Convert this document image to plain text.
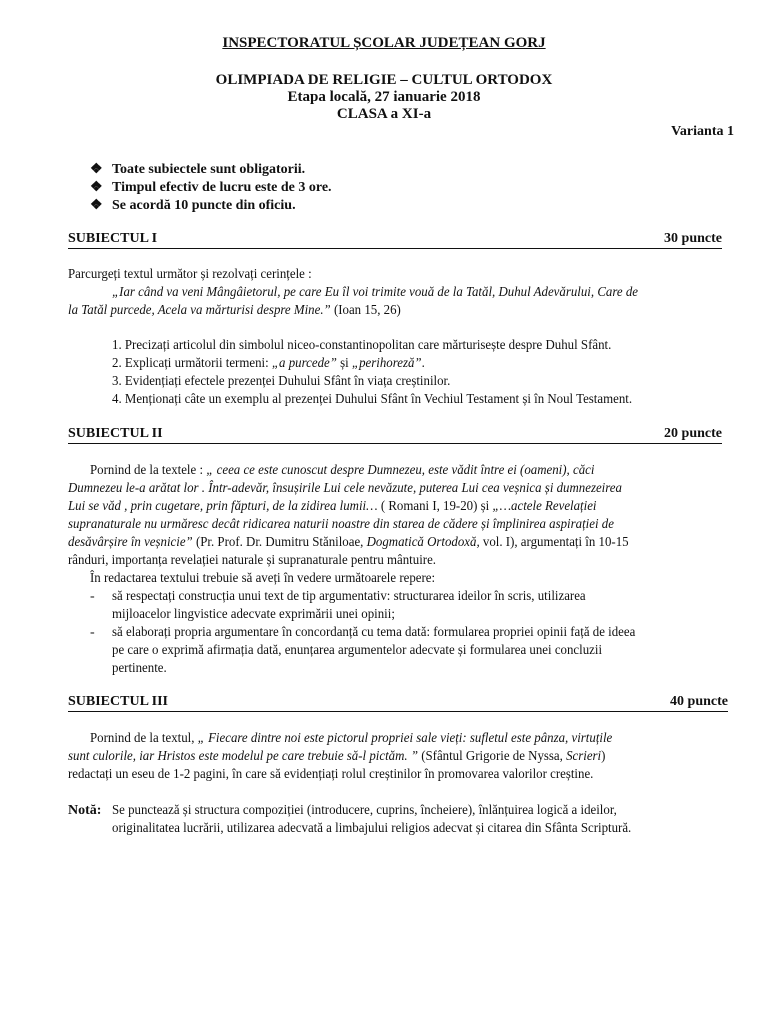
INSPECTORATUL ȘCOLAR JUDEȚEAN GORJ
OLIMPIADA DE RELIGIE – CULTUL ORTODOX
Etapa locală, 27 ianuarie 2018
CLASA a XI-a
Varianta 1
❖ Toate subiectele sunt obligatorii.
❖ Timpul efectiv de lucru este de 3 ore.
❖ Se acordă 10 puncte din oficiu.
SUBIECTUL I	30 puncte
Parcurgeți textul următor și rezolvați cerințele :
„Iar când va veni Mângâietorul, pe care Eu îl voi trimite vouă de la Tatăl, Duhul Adevărului, Care de
la Tatăl purcede, Acela va mărturisi despre Mine.” (Ioan 15, 26)
1. Precizați articolul din simbolul niceo-constantinopolitan care mărturisește despre Duhul Sfânt.
2. Explicați următorii termeni: „a purcede” și „perihoreză”.
3. Evidențiați efectele prezenței Duhului Sfânt în viața creștinilor.
4. Menționați câte un exemplu al prezenței Duhului Sfânt în Vechiul Testament și în Noul Testament.
SUBIECTUL II	20 puncte
Pornind de la textele : „ ceea ce este cunoscut despre Dumnezeu, este vădit între ei (oameni), căci
Dumnezeu le-a arătat lor . Într-adevăr, însușirile Lui cele nevăzute, puterea Lui cea veșnica și dumnezeirea
Lui se văd , prin cugetare, prin făpturi, de la zidirea lumii… ( Romani I, 19-20) și „…actele Revelației
supranaturale nu urmăresc decât ridicarea naturii noastre din starea de cădere și împlinirea aspirației de
desăvârșire în veșnicie” (Pr. Prof. Dr. Dumitru Stăniloae, Dogmatică Ortodoxă, vol. I), argumentați în 10-15
rânduri, importanța revelației naturale și supranaturale pentru mântuire.
În redactarea textului trebuie să aveți în vedere următoarele repere:
- să respectați construcția unui text de tip argumentativ: structurarea ideilor în scris, utilizarea
mijloacelor lingvistice adecvate exprimării unei opinii;
- să elaborați propria argumentare în concordanță cu tema dată: formularea propriei opinii față de ideea
pe care o exprimă afirmația dată, enunțarea argumentelor adecvate și formularea unei concluzii
pertinente.
SUBIECTUL III	40 puncte
Pornind de la textul, „ Fiecare dintre noi este pictorul propriei sale vieți: sufletul este pânza, virtuțile
sunt culorile, iar Hristos este modelul pe care trebuie să-l pictăm. ” (Sfântul Grigorie de Nyssa, Scrieri)
redactați un eseu de 1-2 pagini, în care să evidențiați rolul creștinilor în promovarea valorilor creștine.
Notă: Se punctează și structura compoziției (introducere, cuprins, încheiere), înlănțuirea logică a ideilor,
originalitatea lucrării, utilizarea adecvată a limbajului religios adecvat și citarea din Sfânta Scriptură.
